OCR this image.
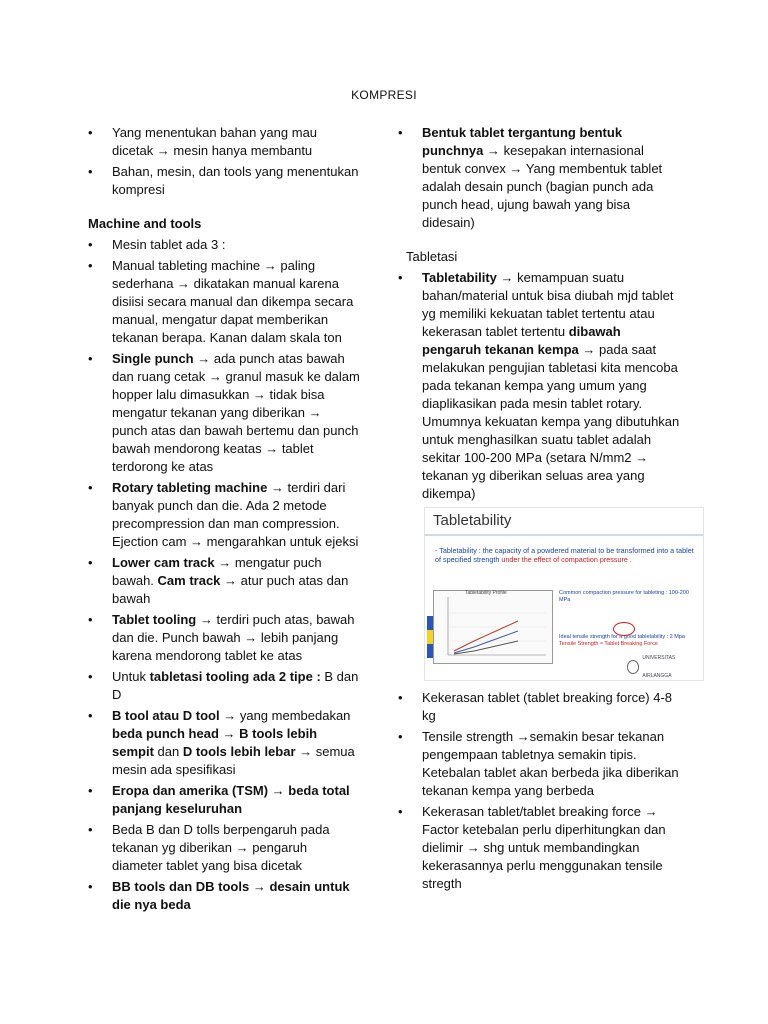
KOMPRESI
• Yang menentukan bahan yang mau dicetak → mesin hanya membantu
• Bahan, mesin, dan tools yang menentukan kompresi
Machine and tools
• Mesin tablet ada 3 :
• Manual tableting machine → paling sederhana → dikatakan manual karena disiisi secara manual dan dikempa secara manual, mengatur dapat memberikan tekanan berapa. Kanan dalam skala ton
• Single punch → ada punch atas bawah dan ruang cetak → granul masuk ke dalam hopper lalu dimasukkan → tidak bisa mengatur tekanan yang diberikan → punch atas dan bawah bertemu dan punch bawah mendorong keatas → tablet terdorong ke atas
• Rotary tableting machine → terdiri dari banyak punch dan die. Ada 2 metode precompression dan man compression. Ejection cam → mengarahkan untuk ejeksi
• Lower cam track → mengatur puch bawah. Cam track → atur puch atas dan bawah
• Tablet tooling → terdiri puch atas, bawah dan die. Punch bawah → lebih panjang karena mendorong tablet ke atas
• Untuk tabletasi tooling ada 2 tipe : B dan D
• B tool atau D tool → yang membedakan beda punch head → B tools lebih sempit dan D tools lebih lebar → semua mesin ada spesifikasi
• Eropa dan amerika (TSM) → beda total panjang keseluruhan
• Beda B dan D tolls berpengaruh pada tekanan yg diberikan → pengaruh diameter tablet yang bisa dicetak
• BB tools dan DB tools → desain untuk die nya beda
• Bentuk tablet tergantung bentuk punchnya → kesepakan internasional bentuk convex → Yang membentuk tablet adalah desain punch (bagian punch ada punch head, ujung bawah yang bisa didesain)
Tabletasi
• Tabletability → kemampuan suatu bahan/material untuk bisa diubah mjd tablet yg memiliki kekuatan tablet tertentu atau kekerasan tablet tertentu dibawah pengaruh tekanan kempa → pada saat melakukan pengujian tabletasi kita mencoba pada tekanan kempa yang umum yang diaplikasikan pada mesin tablet rotary. Umumnya kekuatan kempa yang dibutuhkan untuk menghasilkan suatu tablet adalah sekitar 100-200 MPa (setara N/mm2 → tekanan yg diberikan seluas area yang dikempa)
Tabletability
- Tabletability : the capacity of a powdered material to be transformed into a tablet of specified strength under the effect of compaction pressure .
Tabletability Profile	Common compaction pressure for tableting : 100-200 MPa
Ideal tensile strength for a good tabletability : 2 Mpa
Tensile Strength ≈ Tablet Breaking Force
UNIVERSITAS AIRLANGGA
• Kekerasan tablet (tablet breaking force) 4-8 kg
• Tensile strength →semakin besar tekanan pengempaan tabletnya semakin tipis. Ketebalan tablet akan berbeda jika diberikan tekanan kempa yang berbeda
• Kekerasan tablet/tablet breaking force → Factor ketebalan perlu diperhitungkan dan dielimir → shg untuk membandingkan kekerasannya perlu menggunakan tensile stregth
